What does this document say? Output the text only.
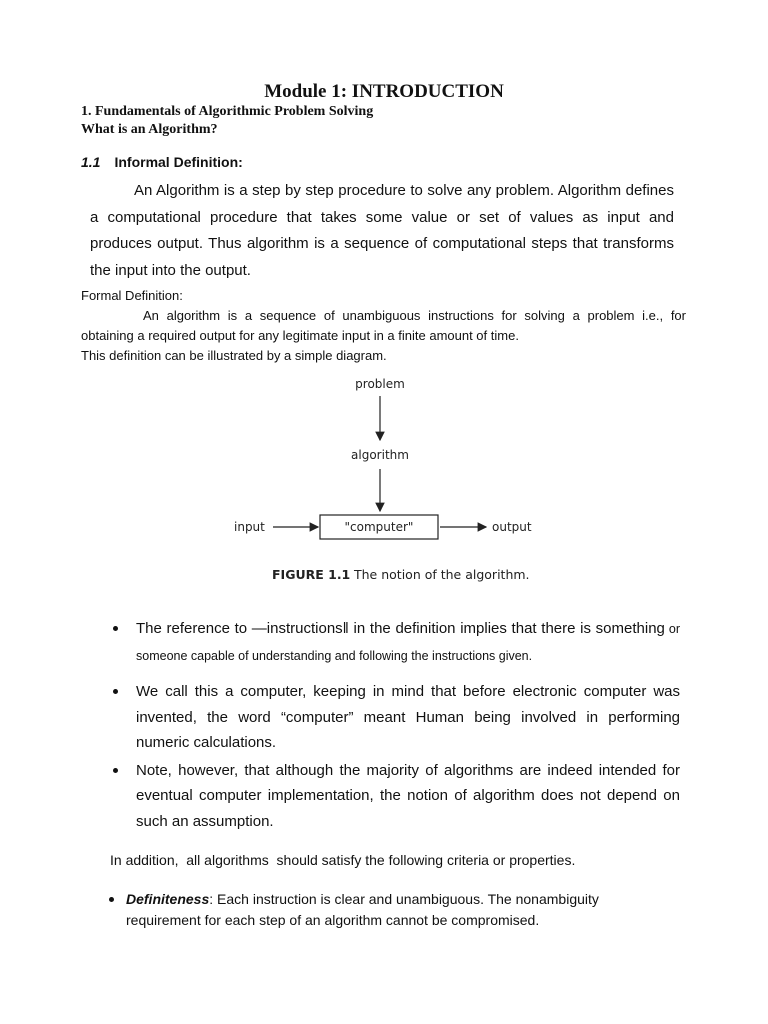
Module 1: INTRODUCTION
1. Fundamentals of Algorithmic Problem Solving
What is an Algorithm?
1.1 Informal Definition:
An Algorithm is a step by step procedure to solve any problem. Algorithm defines a computational procedure that takes some value or set of values as input and produces output. Thus algorithm is a sequence of computational steps that transforms the input into the output.
Formal Definition:
An algorithm is a sequence of unambiguous instructions for solving a problem i.e., for obtaining a required output for any legitimate input in a finite amount of time.
This definition can be illustrated by a simple diagram.
problem
algorithm
"computer"
input	output
FIGURE 1.1 The notion of the algorithm.
The reference to —instructions‖ in the definition implies that there is something or someone capable of understanding and following the instructions given.
We call this a computer, keeping in mind that before electronic computer was invented, the word “computer” meant Human being involved in performing numeric calculations.
Note, however, that although the majority of algorithms are indeed intended for eventual computer implementation, the notion of algorithm does not depend on such an assumption.
In addition,  all algorithms  should satisfy the following criteria or properties.
Definiteness: Each instruction is clear and unambiguous. The nonambiguity requirement for each step of an algorithm cannot be compromised.
